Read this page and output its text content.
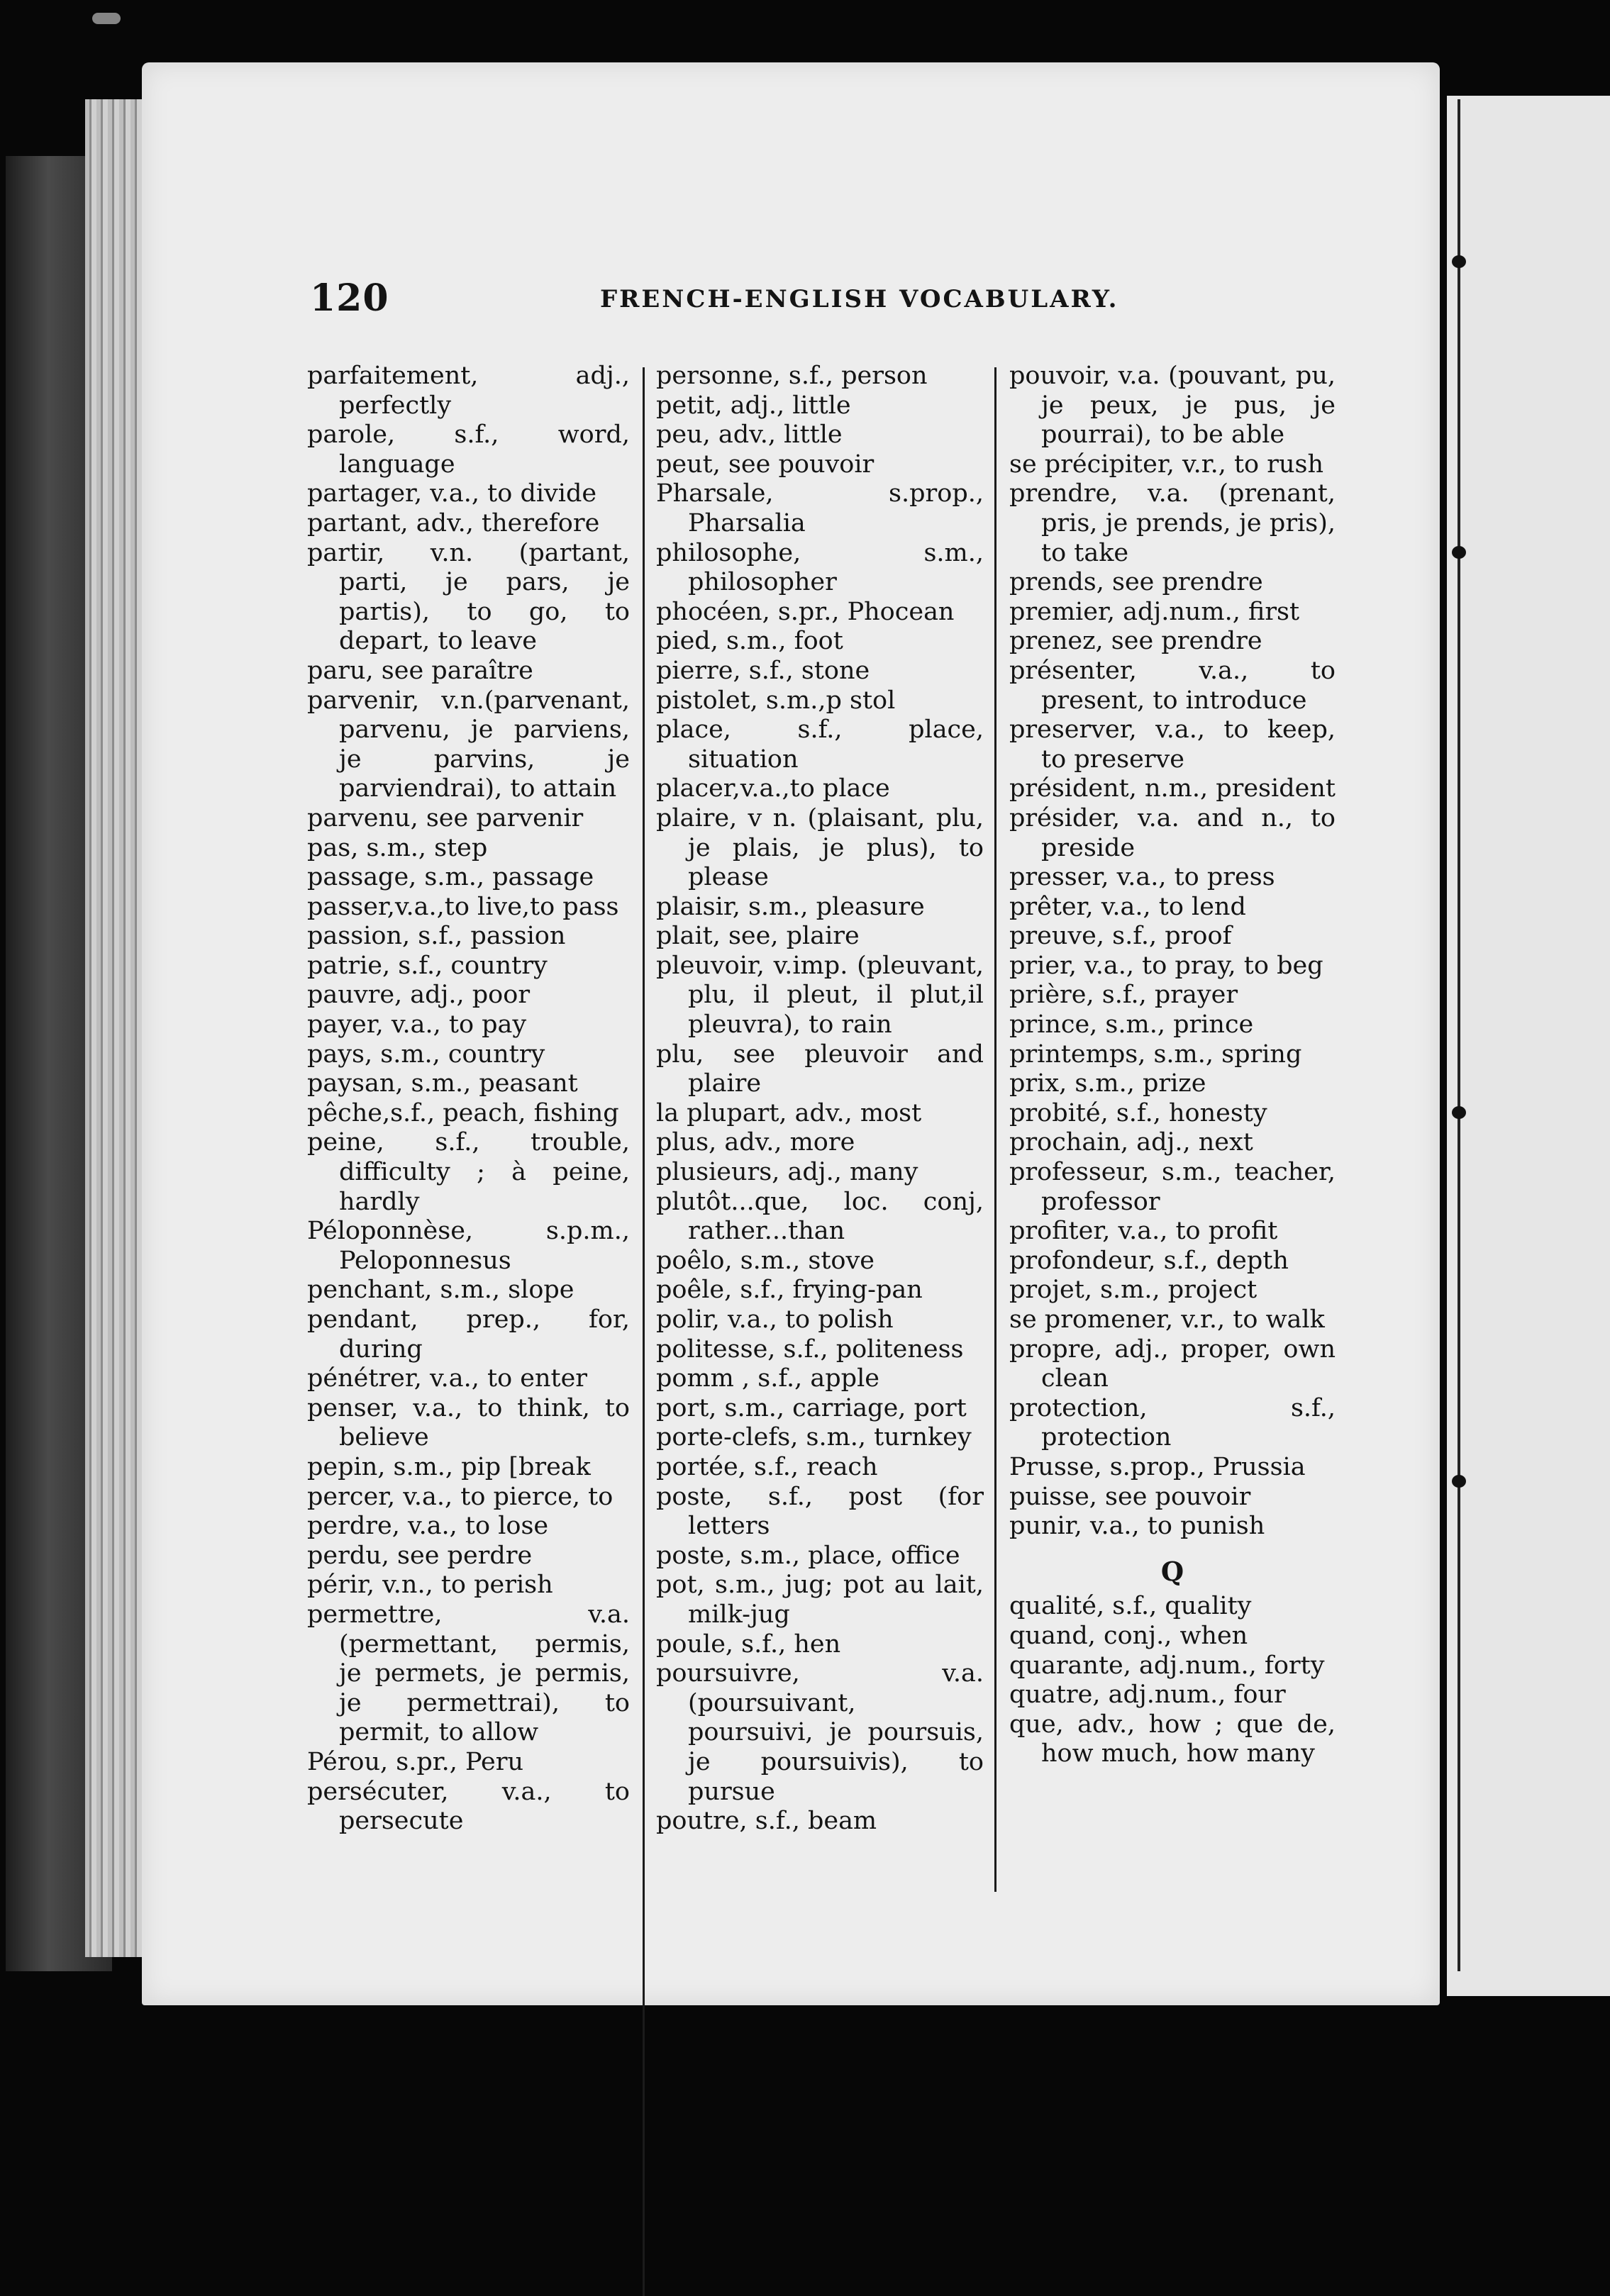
120	FRENCH-ENGLISH VOCABULARY.

parfaitement, adj., perfectly

parole, s.f., word, language

partager, v.a., to divide

partant, adv., therefore

partir, v.n. (partant, parti, je pars, je partis), to go, to depart, to leave

paru, see paraître

parvenir, v.n.(parvenant, parvenu, je parviens, je parvins, je parviendrai), to attain

parvenu, see parvenir

pas, s.m., step

passage, s.m., passage

passer,v.a.,to live,to pass

passion, s.f., passion

patrie, s.f., country

pauvre, adj., poor

payer, v.a., to pay

pays, s.m., country

paysan, s.m., peasant

pêche,s.f., peach, fishing

peine, s.f., trouble, difficulty ; à peine, hardly

Péloponnèse, s.p.m., Peloponnesus

penchant, s.m., slope

pendant, prep., for, during

pénétrer, v.a., to enter

penser, v.a., to think, to believe

pepin, s.m., pip [break

percer, v.a., to pierce, to

perdre, v.a., to lose

perdu, see perdre

périr, v.n., to perish

permettre, v.a. (permettant, permis, je permets, je permis, je permettrai), to permit, to allow

Pérou, s.pr., Peru

persécuter, v.a., to persecute

personne, s.f., person

petit, adj., little

peu, adv., little

peut, see pouvoir

Pharsale, s.prop., Pharsalia

philosophe, s.m., philosopher

phocéen, s.pr., Phocean

pied, s.m., foot

pierre, s.f., stone

pistolet, s.m.,p stol

place, s.f., place, situation

placer,v.a.,to place

plaire, v n. (plaisant, plu, je plais, je plus), to please

plaisir, s.m., pleasure

plait, see, plaire

pleuvoir, v.imp. (pleuvant, plu, il pleut, il plut,il pleuvra), to rain

plu, see pleuvoir and plaire

la plupart, adv., most

plus, adv., more

plusieurs, adj., many

plutôt...que, loc. conj, rather...than

poêlo, s.m., stove

poêle, s.f., frying-pan

polir, v.a., to polish

politesse, s.f., politeness

pomm , s.f., apple

port, s.m., carriage, port

porte-clefs, s.m., turnkey

portée, s.f., reach

poste, s.f., post (for letters

poste, s.m., place, office

pot, s.m., jug; pot au lait, milk-jug

poule, s.f., hen

poursuivre, v.a. (poursuivant, poursuivi, je poursuis, je poursuivis), to pursue

poutre, s.f., beam

pouvoir, v.a. (pouvant, pu, je peux, je pus, je pourrai), to be able

se précipiter, v.r., to rush

prendre, v.a. (prenant, pris, je prends, je pris), to take

prends, see prendre

premier, adj.num., first

prenez, see prendre

présenter, v.a., to present, to introduce

preserver, v.a., to keep, to preserve

président, n.m., president

présider, v.a. and n., to preside

presser, v.a., to press

prêter, v.a., to lend

preuve, s.f., proof

prier, v.a., to pray, to beg

prière, s.f., prayer

prince, s.m., prince

printemps, s.m., spring

prix, s.m., prize

probité, s.f., honesty

prochain, adj., next

professeur, s.m., teacher, professor

profiter, v.a., to profit

profondeur, s.f., depth

projet, s.m., project

se promener, v.r., to walk

propre, adj., proper, own clean

protection, s.f., protection

Prusse, s.prop., Prussia

puisse, see pouvoir

punir, v.a., to punish

Q

qualité, s.f., quality

quand, conj., when

quarante, adj.num., forty

quatre, adj.num., four

que, adv., how ; que de, how much, how many
